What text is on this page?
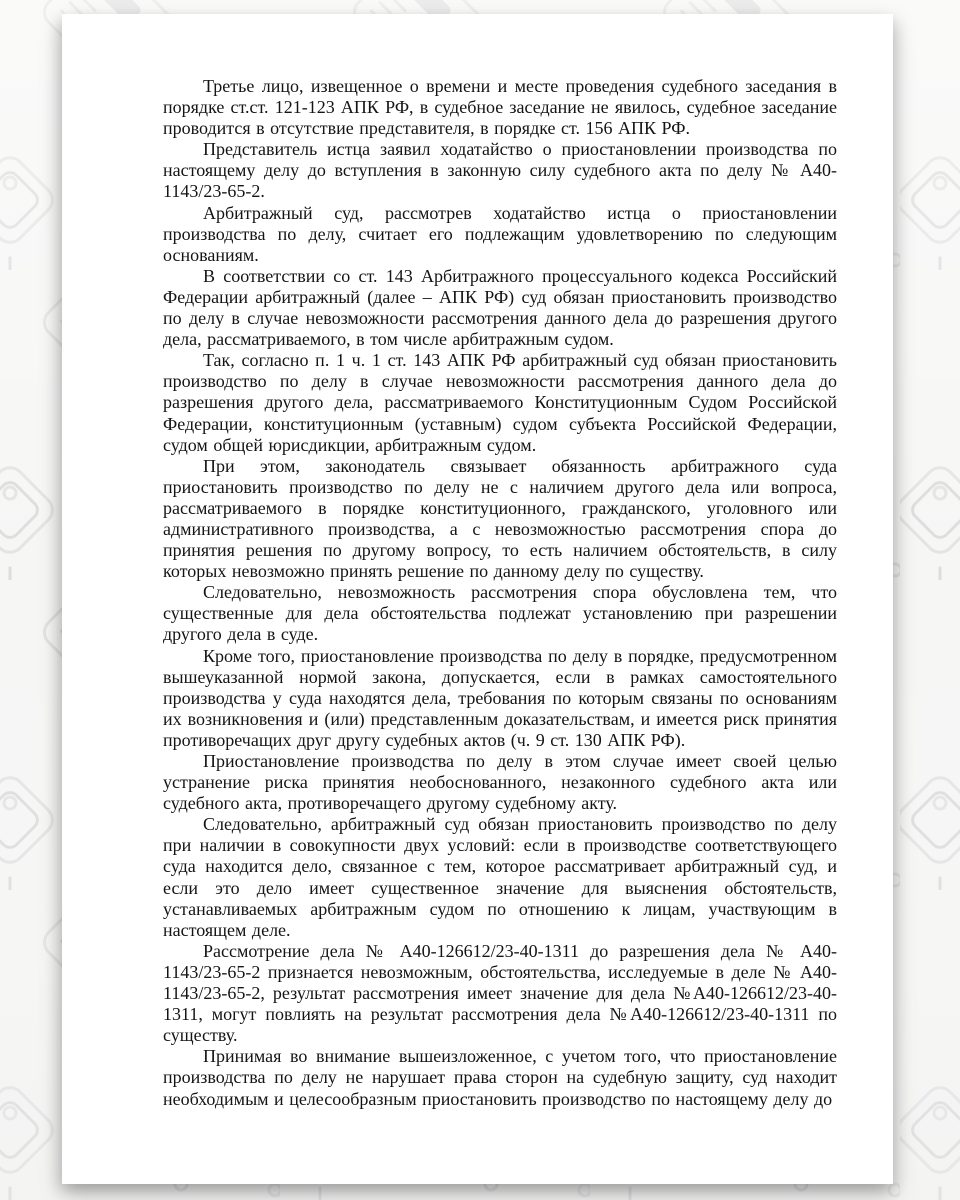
Третье лицо, извещенное о времени и месте проведения судебного заседания в порядке ст.ст. 121-123 АПК РФ, в судебное заседание не явилось, судебное заседание проводится в отсутствие представителя, в порядке ст. 156 АПК РФ.

Представитель истца заявил ходатайство о приостановлении производства по настоящему делу до вступления в законную силу судебного акта по делу № А40-1143/23-65-2.

Арбитражный суд, рассмотрев ходатайство истца о приостановлении производства по делу, считает его подлежащим удовлетворению по следующим основаниям.

В соответствии со ст. 143 Арбитражного процессуального кодекса Российский Федерации арбитражный (далее – АПК РФ) суд обязан приостановить производство по делу в случае невозможности рассмотрения данного дела до разрешения другого дела, рассматриваемого, в том числе арбитражным судом.

Так, согласно п. 1 ч. 1 ст. 143 АПК РФ арбитражный суд обязан приостановить производство по делу в случае невозможности рассмотрения данного дела до разрешения другого дела, рассматриваемого Конституционным Судом Российской Федерации, конституционным (уставным) судом субъекта Российской Федерации, судом общей юрисдикции, арбитражным судом.

При этом, законодатель связывает обязанность арбитражного суда приостановить производство по делу не с наличием другого дела или вопроса, рассматриваемого в порядке конституционного, гражданского, уголовного или административного производства, а с невозможностью рассмотрения спора до принятия решения по другому вопросу, то есть наличием обстоятельств, в силу которых невозможно принять решение по данному делу по существу.

Следовательно, невозможность рассмотрения спора обусловлена тем, что существенные для дела обстоятельства подлежат установлению при разрешении другого дела в суде.

Кроме того, приостановление производства по делу в порядке, предусмотренном вышеуказанной нормой закона, допускается, если в рамках самостоятельного производства у суда находятся дела, требования по которым связаны по основаниям их возникновения и (или) представленным доказательствам, и имеется риск принятия противоречащих друг другу судебных актов (ч. 9 ст. 130 АПК РФ).

Приостановление производства по делу в этом случае имеет своей целью устранение риска принятия необоснованного, незаконного судебного акта или судебного акта, противоречащего другому судебному акту.

Следовательно, арбитражный суд обязан приостановить производство по делу при наличии в совокупности двух условий: если в производстве соответствующего суда находится дело, связанное с тем, которое рассматривает арбитражный суд, и если это дело имеет существенное значение для выяснения обстоятельств, устанавливаемых арбитражным судом по отношению к лицам, участвующим в настоящем деле.

Рассмотрение дела № А40-126612/23-40-1311 до разрешения дела № А40-1143/23-65-2 признается невозможным, обстоятельства, исследуемые в деле № А40-1143/23-65-2, результат рассмотрения имеет значение для дела №А40-126612/23-40-1311, могут повлиять на результат рассмотрения дела №А40-126612/23-40-1311 по существу.

Принимая во внимание вышеизложенное, с учетом того, что приостановление производства по делу не нарушает права сторон на судебную защиту, суд находит необходимым и целесообразным приостановить производство по настоящему делу до
